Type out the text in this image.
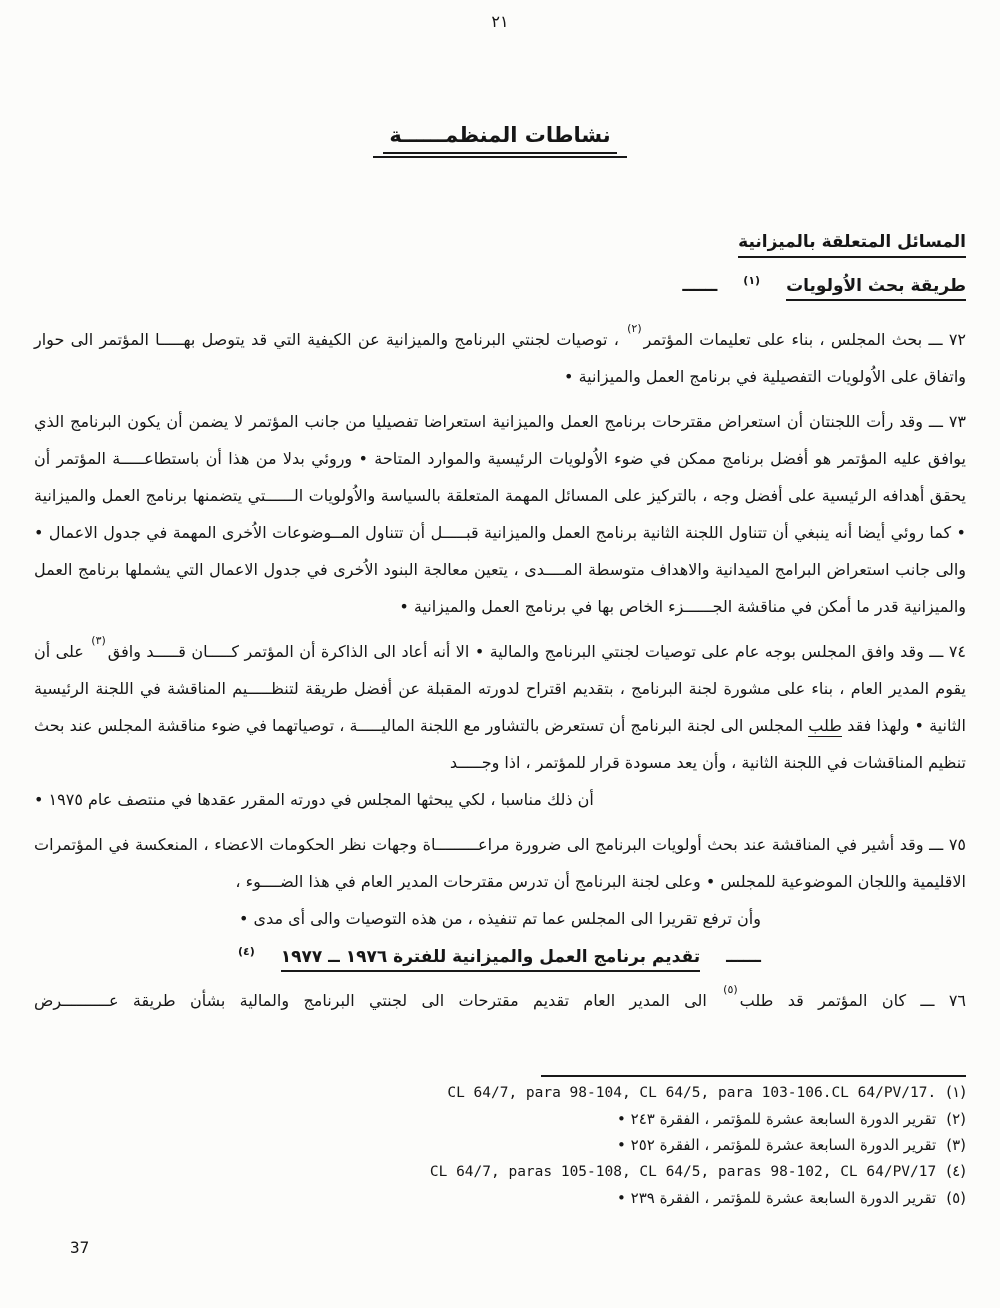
٢١
نشاطات المنظمــــــة
المسائل المتعلقة بالميزانية
طريقة بحث الاُولويات
$^{(١)}$
ــــــ
٧٢ ـــ بحث المجلس ، بناء على تعليمات المؤتمر$^{(٢)}$ ، توصيات لجنتي البرنامج والميزانية عن الكيفية التي قد يتوصل بهـــــا المؤتمر الى حوار واتفاق على الاُولويات التفصيلية في برنامج العمل والميزانية •
٧٣ ـــ وقد رأت اللجنتان أن استعراض مقترحات برنامج العمل والميزانية استعراضا تفصيليا من جانب المؤتمر لا يضمن أن يكون البرنامج الذي يوافق عليه المؤتمر هو أفضل برنامج ممكن في ضوء الاُولويات الرئيسية والموارد المتاحة • وروئي بدلا من هذا أن باستطاعـــــة المؤتمر أن يحقق أهدافه الرئيسية على أفضل وجه ، بالتركيز على المسائل المهمة المتعلقة بالسياسة والاُولويات الــــــتي يتضمنها برنامج العمل والميزانية • كما روئي أيضا أنه ينبغي أن تتناول اللجنة الثانية برنامج العمل والميزانية قبـــــل أن تتناول المــوضوعات الاُخرى المهمة في جدول الاعمال • والى جانب استعراض البرامج الميدانية والاهداف متوسطة المــــدى ، يتعين معالجة البنود الاُخرى في جدول الاعمال التي يشملها برنامج العمل والميزانية قدر ما أمكن في مناقشة الجــــــزء الخاص بها في برنامج العمل والميزانية •
٧٤ ـــ وقد وافق المجلس بوجه عام على توصيات لجنتي البرنامج والمالية • الا أنه أعاد الى الذاكرة أن المؤتمر كـــــان قـــــد وافق$^{(٣)}$ على أن يقوم المدير العام ، بناء على مشورة لجنة البرنامج ، بتقديم اقتراح لدورته المقبلة عن أفضل طريقة لتنظـــــيم المناقشة في اللجنة الرئيسية الثانية • ولهذا فقد طلب المجلس الى لجنة البرنامج أن تستعرض بالتشاور مع اللجنة الماليـــــة ، توصياتهما في ضوء مناقشة المجلس عند بحث تنظيم المناقشات في اللجنة الثانية ، وأن يعد مسودة قرار للمؤتمر ، اذا وجـــــد
أن ذلك مناسبا ، لكي يبحثها المجلس في دورته المقرر عقدها في منتصف عام ١٩٧٥ •
٧٥ ـــ وقد أشير في المناقشة عند بحث أولويات البرنامج الى ضرورة مراعـــــــــاة وجهات نظر الحكومات الاعضاء ، المنعكسة في المؤتمرات الاقليمية واللجان الموضوعية للمجلس • وعلى لجنة البرنامج أن تدرس مقترحات المدير العام في هذا الضــــوء ،
وأن ترفع تقريرا الى المجلس عما تم تنفيذه ، من هذه التوصيات والى أى مدى •
ــــــ
تقديم برنامج العمل والميزانية للفترة ١٩٧٦ ــ ١٩٧٧
$^{(٤)}$
٧٦ ـــ كان المؤتمر قد طلب$^{(٥)}$ الى المدير العام تقديم مقترحات الى لجنتي البرنامج والمالية بشأن طريقة عــــــــــرض
(١)
CL 64/7, para 98-104, CL 64/5, para 103-106.CL 64/PV/17.
(٢)
تقرير الدورة السابعة عشرة للمؤتمر ، الفقرة ٢٤٣ •
(٣)
تقرير الدورة السابعة عشرة للمؤتمر ، الفقرة ٢٥٢ •
(٤)
CL 64/7, paras 105-108, CL 64/5, paras 98-102, CL 64/PV/17
(٥)
تقرير الدورة السابعة عشرة للمؤتمر ، الفقرة ٢٣٩ •
37
